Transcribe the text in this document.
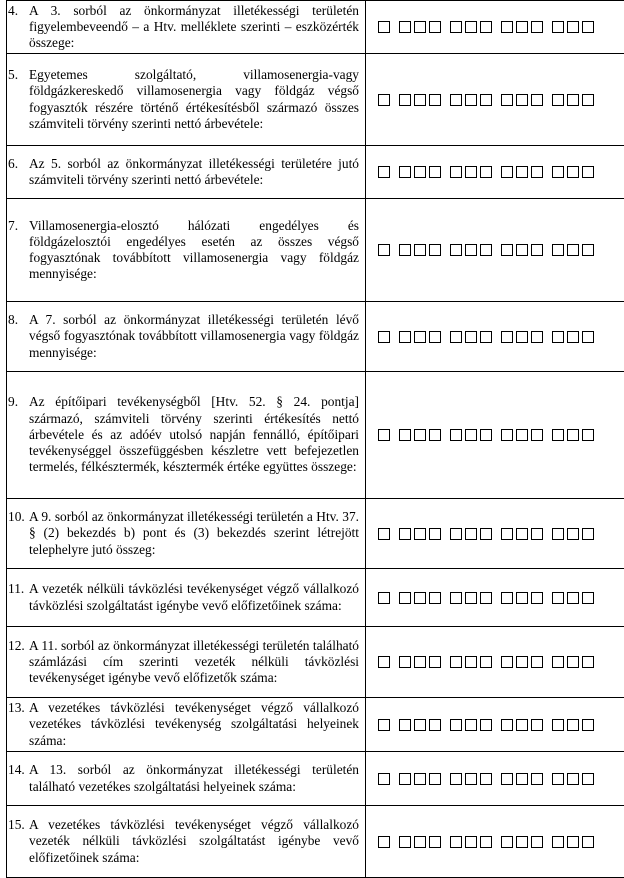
4. A 3. sorból az önkormányzat illetékességi területén figyelembeveendő – a Htv. melléklete szerinti – eszközérték összege:	

5. Egyetemes szolgáltató, villamosenergia-vagy földgázkereskedő villamosenergia vagy földgáz végső fogyasztók részére történő értékesítésből származó összes számviteli törvény szerinti nettó árbevétele:	

6. Az 5. sorból az önkormányzat illetékességi területére jutó számviteli törvény szerinti nettó árbevétele:	

7. Villamosenergia-elosztó hálózati engedélyes és földgázelosztói engedélyes esetén az összes végső fogyasztónak továbbított villamosenergia vagy földgáz mennyisége:	

8. A 7. sorból az önkormányzat illetékességi területén lévő végső fogyasztónak továbbított villamosenergia vagy földgáz mennyisége:	

9. Az építőipari tevékenységből [Htv. 52. § 24. pontja] származó, számviteli törvény szerinti értékesítés nettó árbevétele és az adóév utolsó napján fennálló, építőipari tevékenységgel összefüggésben készletre vett befejezetlen termelés, félkésztermék, késztermék értéke együttes összege:	

10. A 9. sorból az önkormányzat illetékességi területén a Htv. 37. § (2) bekezdés b) pont és (3) bekezdés szerint létrejött telephelyre jutó összeg:	

11. A vezeték nélküli távközlési tevékenységet végző vállalkozó távközlési szolgáltatást igénybe vevő előfizetőinek száma:	

12. A 11. sorból az önkormányzat illetékességi területén található számlázási cím szerinti vezeték nélküli távközlési tevékenységet igénybe vevő előfizetők száma:	

13. A vezetékes távközlési tevékenységet végző vállalkozó vezetékes távközlési tevékenység szolgáltatási helyeinek száma:	

14. A 13. sorból az önkormányzat illetékességi területén található vezetékes szolgáltatási helyeinek száma:	

15. A vezetékes távközlési tevékenységet végző vállalkozó vezeték nélküli távközlési szolgáltatást igénybe vevő előfizetőinek száma:	
